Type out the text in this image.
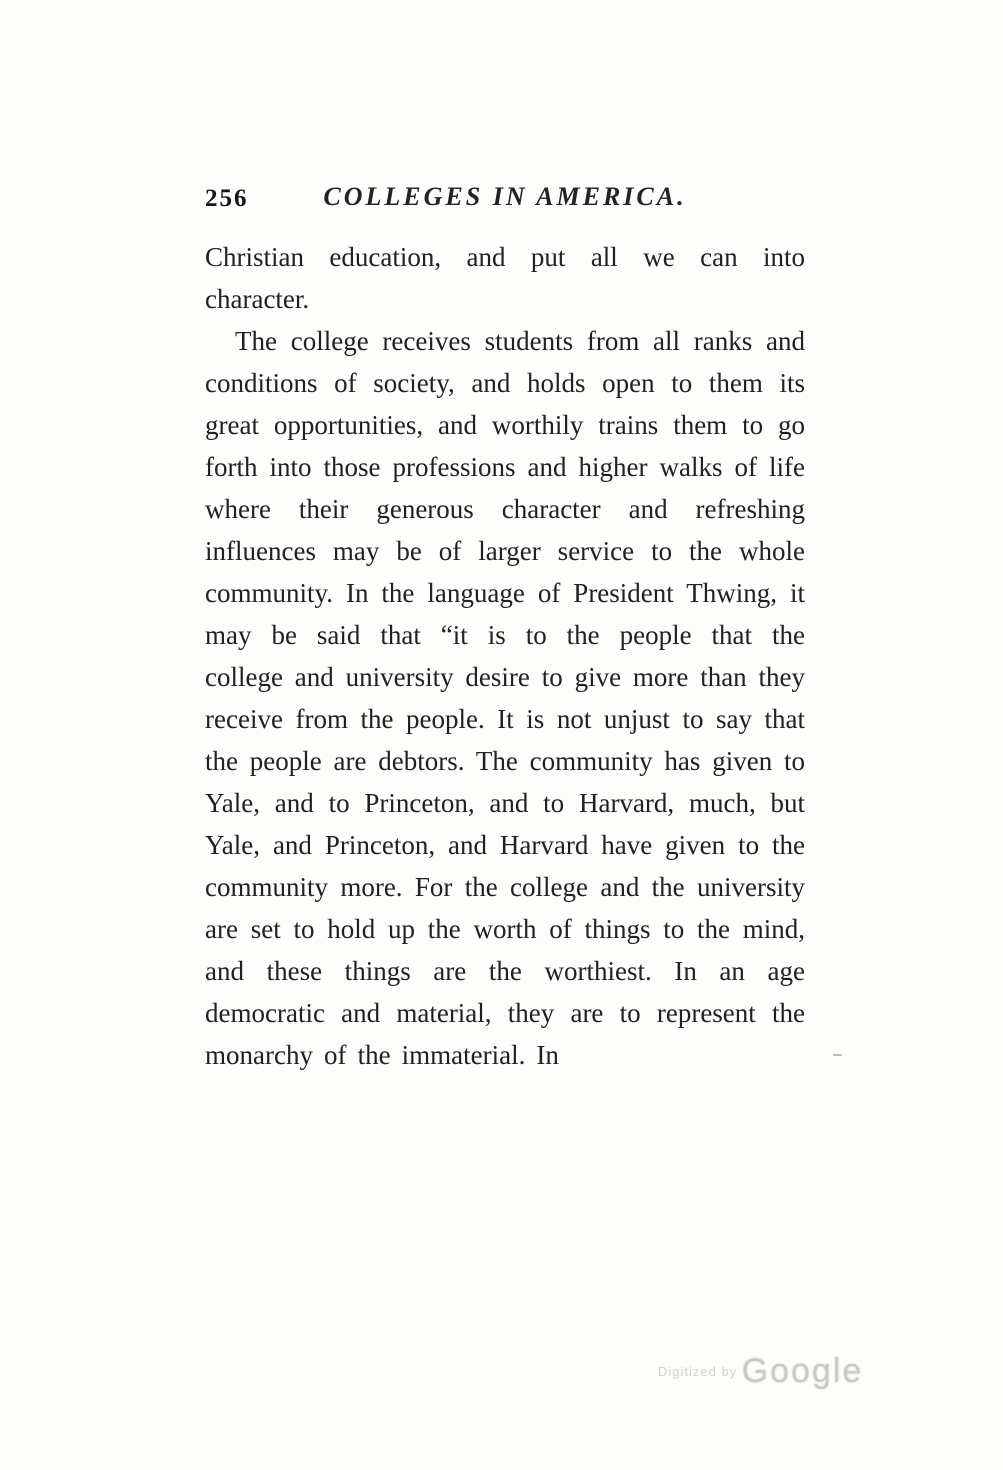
256	COLLEGES IN AMERICA.

Christian education, and put all we can into character.

The college receives students from all ranks and conditions of society, and holds open to them its great opportunities, and worthily trains them to go forth into those professions and higher walks of life where their generous character and refreshing influences may be of larger service to the whole community. In the language of President Thwing, it may be said that “it is to the people that the college and university desire to give more than they receive from the people. It is not unjust to say that the people are debtors. The community has given to Yale, and to Princeton, and to Harvard, much, but Yale, and Princeton, and Harvard have given to the community more. For the college and the university are set to hold up the worth of things to the mind, and these things are the worthiest. In an age democratic and material, they are to represent the monarchy of the immaterial. In

$^{Digitized by}$ Google
